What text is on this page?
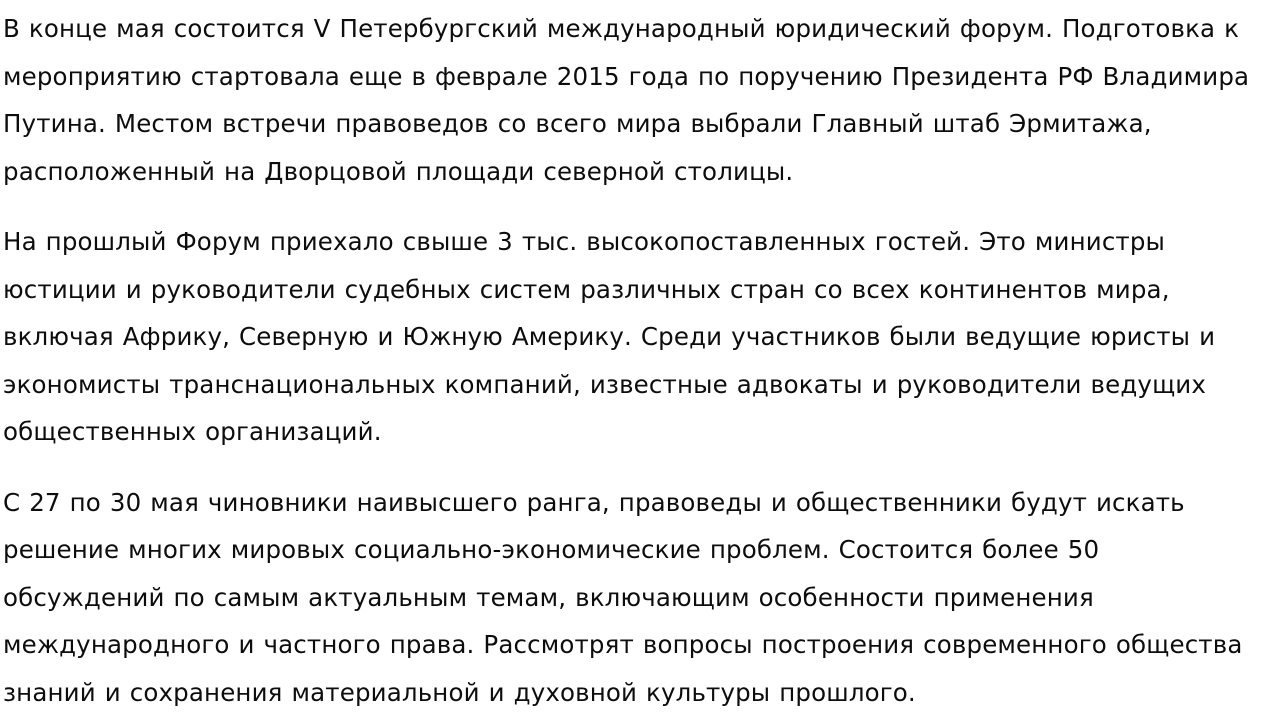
В конце мая состоится V Петербургский международный юридический форум. Подготовка к мероприятию стартовала еще в феврале 2015 года по поручению Президента РФ Владимира Путина. Местом встречи правоведов со всего мира выбрали Главный штаб Эрмитажа, расположенный на Дворцовой площади северной столицы.

На прошлый Форум приехало свыше 3 тыс. высокопоставленных гостей. Это министры юстиции и руководители судебных систем различных стран со всех континентов мира, включая Африку, Северную и Южную Америку. Среди участников были ведущие юристы и экономисты транснациональных компаний, известные адвокаты и руководители ведущих общественных организаций.

С 27 по 30 мая чиновники наивысшего ранга, правоведы и общественники будут искать решение многих мировых социально-экономические проблем. Состоится более 50 обсуждений по самым актуальным темам, включающим особенности применения международного и частного права. Рассмотрят вопросы построения современного общества знаний и сохранения материальной и духовной культуры прошлого.
